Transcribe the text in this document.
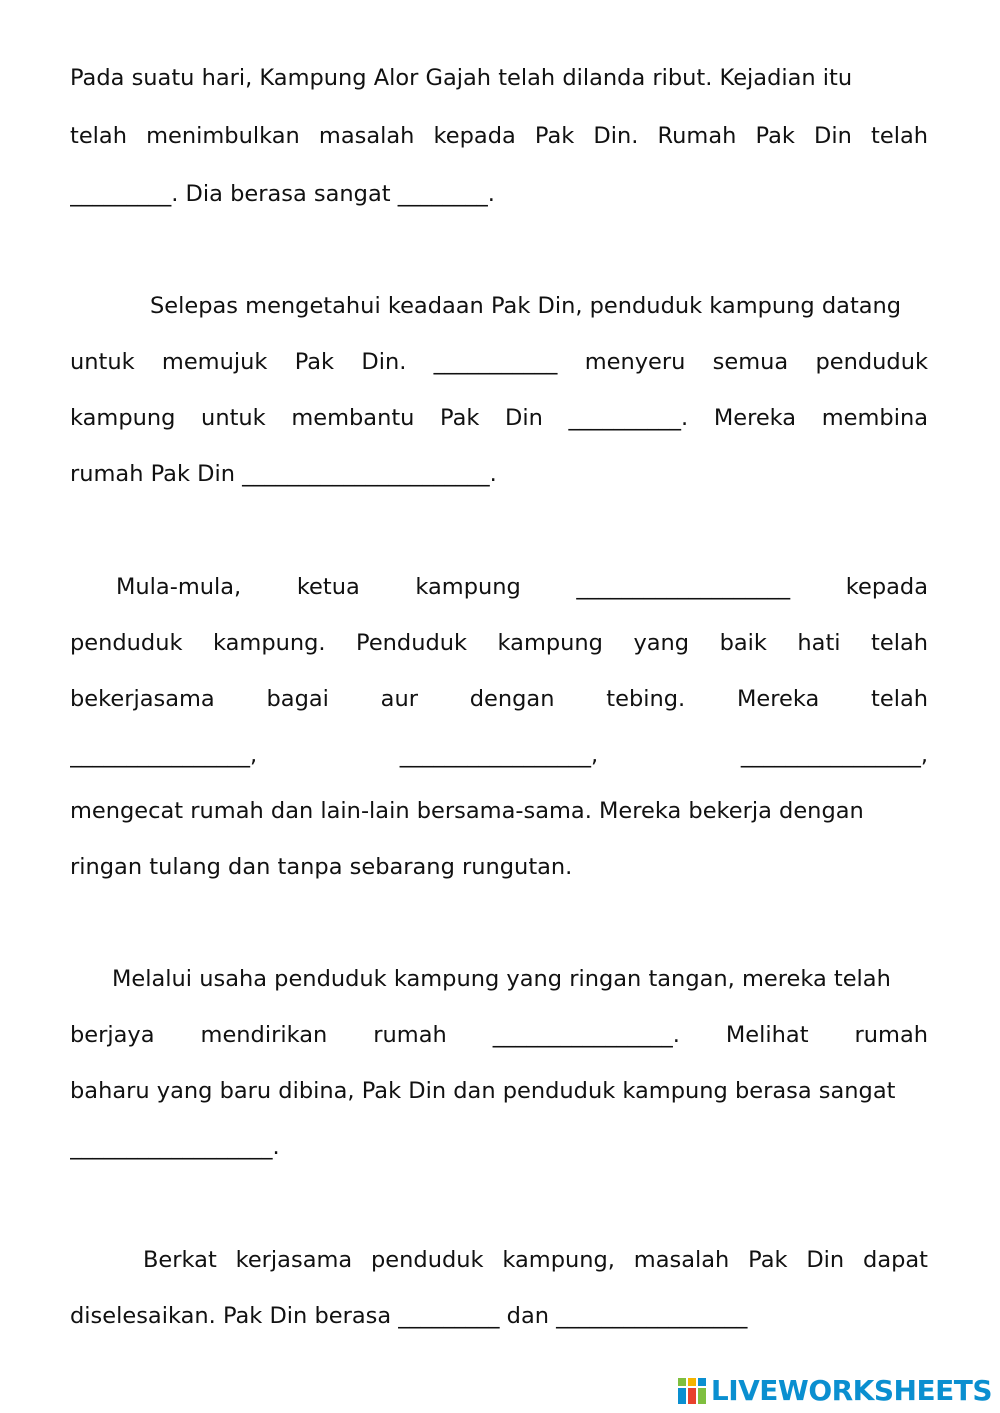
Pada suatu hari, Kampung Alor Gajah telah dilanda ribut. Kejadian itu
telah menimbulkan masalah kepada Pak Din. Rumah Pak Din telah
_________. Dia berasa sangat ________.
Selepas mengetahui keadaan Pak Din, penduduk kampung datang
untuk memujuk Pak Din. ___________ menyeru semua penduduk
kampung untuk membantu Pak Din __________. Mereka membina
rumah Pak Din ______________________.
Mula-mula, ketua kampung ___________________ kepada
penduduk kampung. Penduduk kampung yang baik hati telah
bekerjasama bagai aur dengan tebing. Mereka telah
________________, _________________, ________________,
mengecat rumah dan lain-lain bersama-sama. Mereka bekerja dengan
ringan tulang dan tanpa sebarang rungutan.
Melalui usaha penduduk kampung yang ringan tangan, mereka telah
berjaya mendirikan rumah ________________. Melihat rumah
baharu yang baru dibina, Pak Din dan penduduk kampung berasa sangat
__________________.
Berkat kerjasama penduduk kampung, masalah Pak Din dapat
diselesaikan. Pak Din berasa _________ dan _________________
LIVEWORKSHEETS
